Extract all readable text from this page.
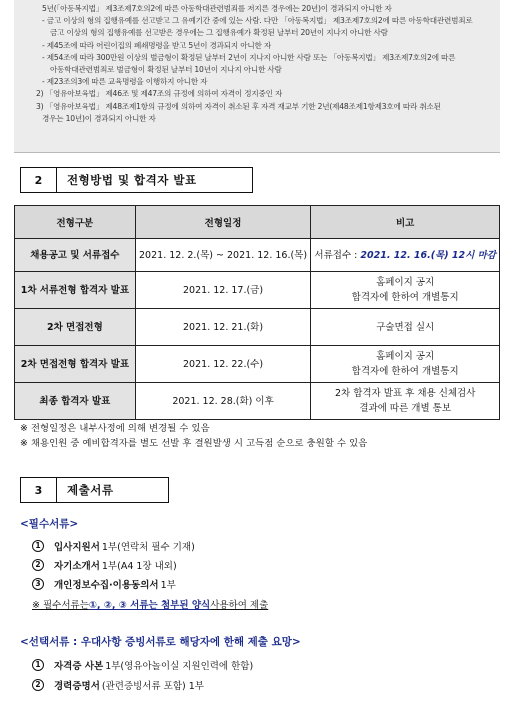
5년(「아동복지법」 제3조제7호의2에 따른 아동학대관련범죄를 저지른 경우에는 20년)이 경과되지 아니한 자
- 금고 이상의 형의 집행유예를 선고받고 그 유예기간 중에 있는 사람. 다만 「아동복지법」 제3조제7호의2에 따른 아동학대관련범죄로
금고 이상의 형의 집행유예를 선고받은 경우에는 그 집행유예가 확정된 날부터 20년이 지나지 아니한 사람
- 제45조에 따라 어린이집의 폐쇄명령을 받고 5년이 경과되지 아니한 자
- 제54조에 따라 300만원 이상의 벌금형이 확정된 날부터 2년이 지나지 아니한 사람 또는 「아동복지법」 제3조제7호의2에 따른
아동학대관련범죄로 벌금형이 확정된 날부터 10년이 지나지 아니한 사람
- 제23조의3에 따른 교육명령을 이행하지 아니한 자
2) 「영유아보육법」 제46조 및 제47조의 규정에 의하여 자격이 정지중인 자
3) 「영유아보육법」 제48조제1항의 규정에 의하여 자격이 취소된 후 자격 재교부 기한 2년(제48조제1항제3호에 따라 취소된
경우는 10년)이 경과되지 아니한 자
2	전형방법 및 합격자 발표
전형구분	전형일정	비고
채용공고 및 서류접수	2021. 12. 2.(목) ~ 2021. 12. 16.(목)	서류접수 : 2021. 12. 16.(목) 12시 마감
1차 서류전형 합격자 발표	2021. 12. 17.(금)	홈페이지 공지
합격자에 한하여 개별통지

2차 면접전형	2021. 12. 21.(화)	구술면접 실시
2차 면접전형 합격자 발표	2021. 12. 22.(수)	홈페이지 공지
합격자에 한하여 개별통지

최종 합격자 발표	2021. 12. 28.(화) 이후	2차 합격자 발표 후 채용 신체검사
결과에 따른 개별 통보
※ 전형일정은 내부사정에 의해 변경될 수 있음
※ 채용인원 중 예비합격자를 별도 선발 후 결원발생 시 고득점 순으로 충원할 수 있음
3	제출서류
<필수서류>
1	입사지원서 1부(연락처 필수 기재)
2	자기소개서 1부(A4 1장 내외)
3	개인정보수집·이용동의서 1부
※ 필수서류는 ①, ②, ③ 서류는 첨부된 양식 사용하여 제출
<선택서류 : 우대사항 증빙서류로 해당자에 한해 제출 요망>
1	자격증 사본 1부(영유아놀이실 지원인력에 한함)
2	경력증명서 (관련증빙서류 포함) 1부
